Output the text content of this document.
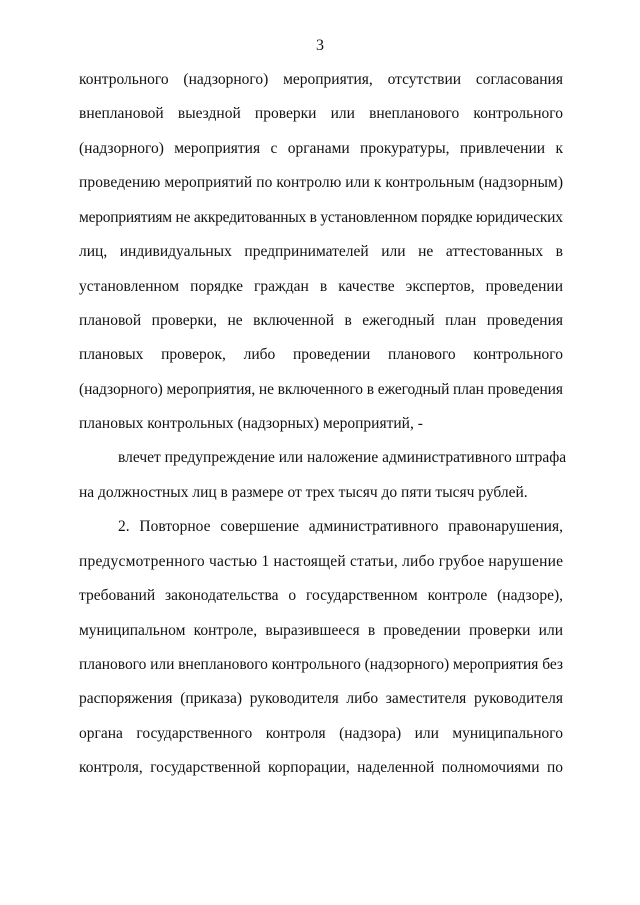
3
контрольного (надзорного) мероприятия, отсутствии согласования
внеплановой выездной проверки или внепланового контрольного
(надзорного) мероприятия с органами прокуратуры, привлечении к
проведению мероприятий по контролю или к контрольным (надзорным)
мероприятиям не аккредитованных в установленном порядке юридических
лиц, индивидуальных предпринимателей или не аттестованных в
установленном порядке граждан в качестве экспертов, проведении
плановой проверки, не включенной в ежегодный план проведения
плановых проверок, либо проведении планового контрольного
(надзорного) мероприятия, не включенного в ежегодный план проведения
плановых контрольных (надзорных) мероприятий, -
влечет предупреждение или наложение административного штрафа
на должностных лиц в размере от трех тысяч до пяти тысяч рублей.
2. Повторное совершение административного правонарушения,
предусмотренного частью 1 настоящей статьи, либо грубое нарушение
требований законодательства о государственном контроле (надзоре),
муниципальном контроле, выразившееся в проведении проверки или
планового или внепланового контрольного (надзорного) мероприятия без
распоряжения (приказа) руководителя либо заместителя руководителя
органа государственного контроля (надзора) или муниципального
контроля, государственной корпорации, наделенной полномочиями по
